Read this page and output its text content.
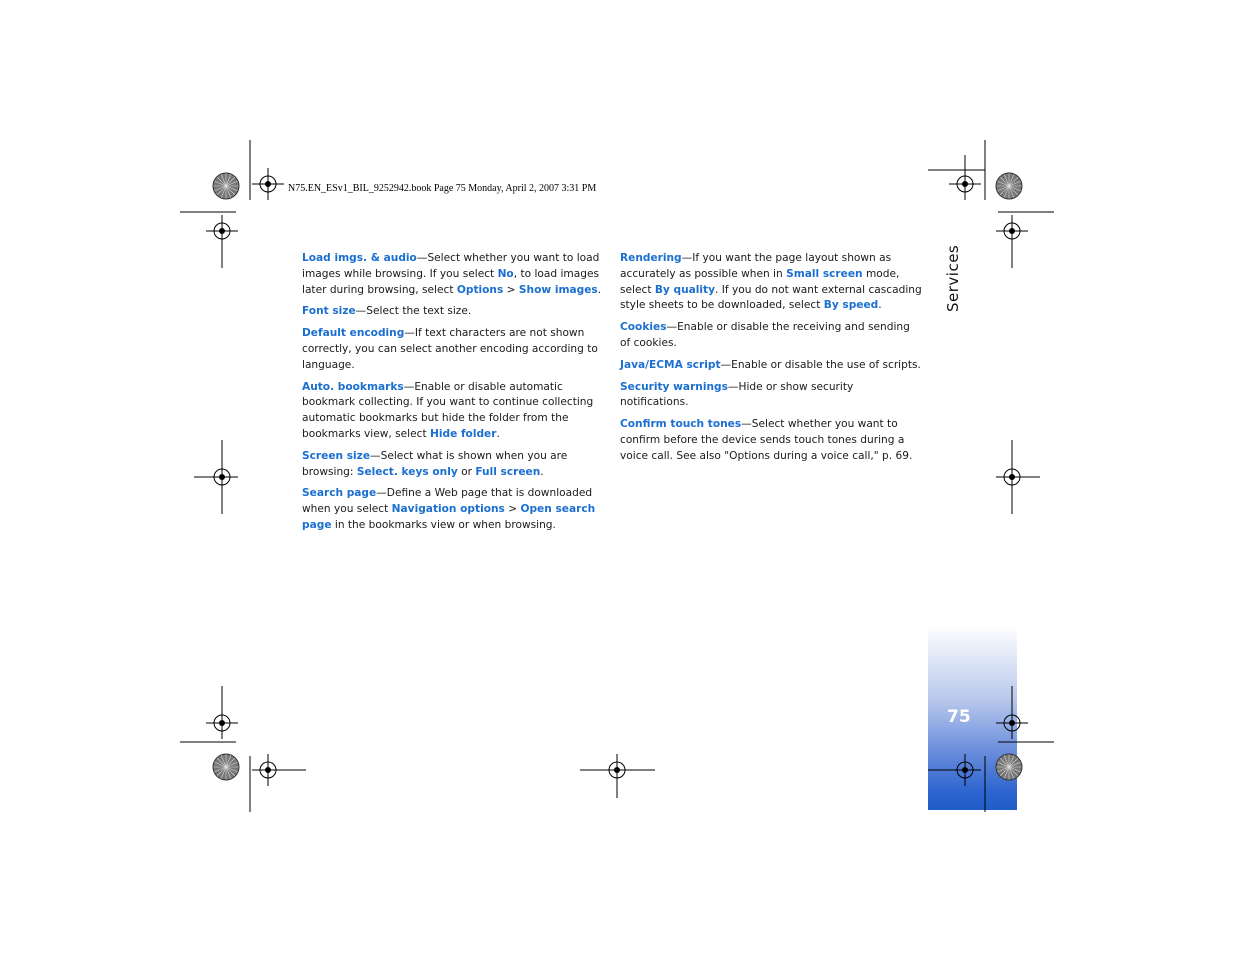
Services
75
N75.EN_ESv1_BIL_9252942.book Page 75 Monday, April 2, 2007 3:31 PM

Load imgs. & audio—Select whether you want to load images while browsing. If you select No, to load images later during browsing, select Options > Show images.

Font size—Select the text size.

Default encoding—If text characters are not shown correctly, you can select another encoding according to language.

Auto. bookmarks—Enable or disable automatic bookmark collecting. If you want to continue collecting automatic bookmarks but hide the folder from the bookmarks view, select Hide folder.

Screen size—Select what is shown when you are browsing: Select. keys only or Full screen.

Search page—Define a Web page that is downloaded when you select Navigation options > Open search page in the bookmarks view or when browsing.

Rendering—If you want the page layout shown as accurately as possible when in Small screen mode, select By quality. If you do not want external cascading style sheets to be downloaded, select By speed.

Cookies—Enable or disable the receiving and sending of cookies.

Java/ECMA script—Enable or disable the use of scripts.

Security warnings—Hide or show security notifications.

Confirm touch tones—Select whether you want to confirm before the device sends touch tones during a voice call. See also "Options during a voice call," p. 69.
